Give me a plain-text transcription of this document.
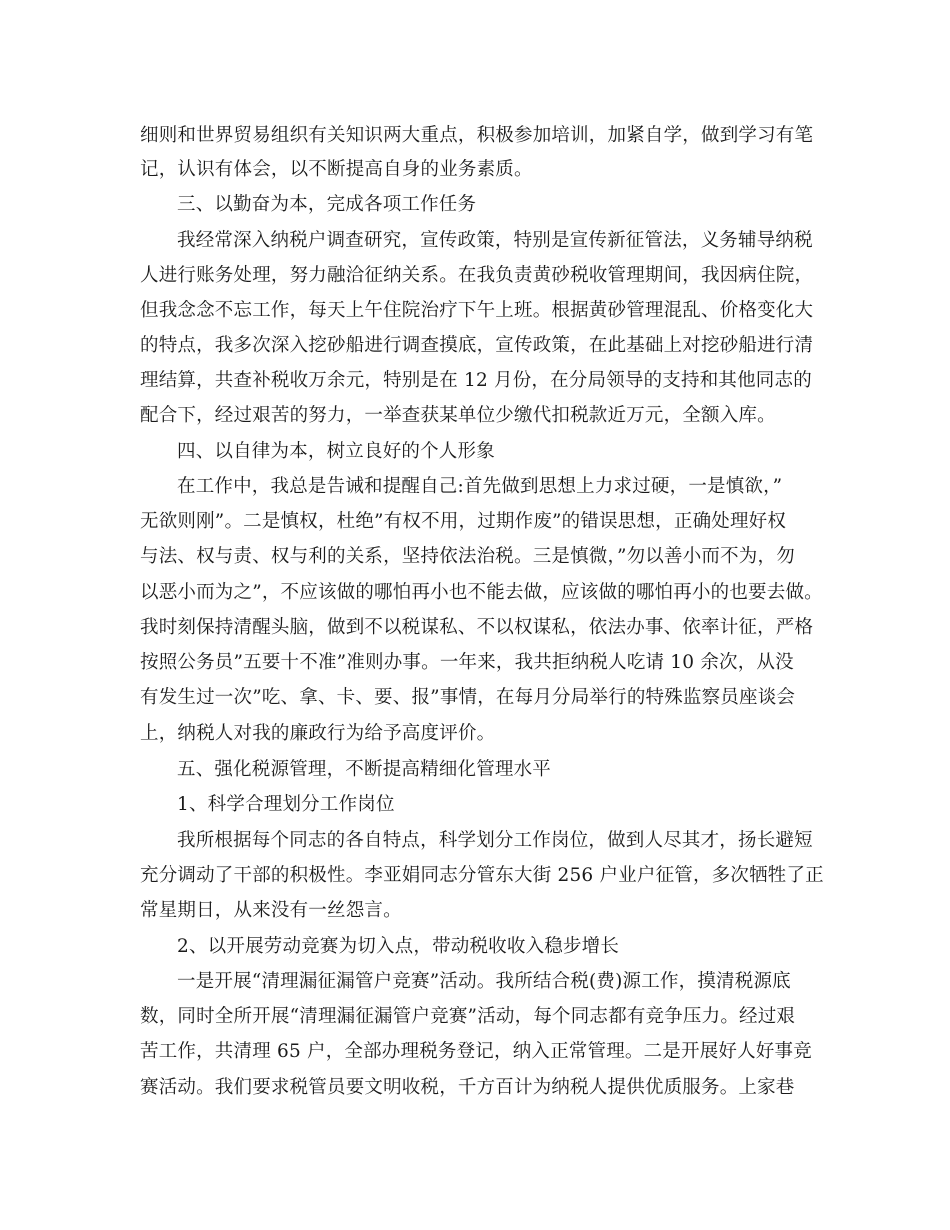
细则和世界贸易组织有关知识两大重点，积极参加培训，加紧自学，做到学习有笔
记，认识有体会，以不断提高自身的业务素质。
三、以勤奋为本，完成各项工作任务
我经常深入纳税户调查研究，宣传政策，特别是宣传新征管法，义务辅导纳税
人进行账务处理，努力融洽征纳关系。在我负责黄砂税收管理期间，我因病住院，
但我念念不忘工作，每天上午住院治疗下午上班。根据黄砂管理混乱、价格变化大
的特点，我多次深入挖砂船进行调查摸底，宣传政策，在此基础上对挖砂船进行清
理结算，共查补税收万余元，特别是在 12 月份，在分局领导的支持和其他同志的
配合下，经过艰苦的努力，一举查获某单位少缴代扣税款近万元，全额入库。
四、以自律为本，树立良好的个人形象
在工作中，我总是告诫和提醒自己:首先做到思想上力求过硬，一是慎欲，”
无欲则刚”。二是慎权，杜绝”有权不用，过期作废”的错误思想，正确处理好权
与法、权与责、权与利的关系，坚持依法治税。三是慎微，”勿以善小而不为，勿
以恶小而为之”，不应该做的哪怕再小也不能去做，应该做的哪怕再小的也要去做。
我时刻保持清醒头脑，做到不以税谋私、不以权谋私，依法办事、依率计征，严格
按照公务员”五要十不准”准则办事。一年来，我共拒纳税人吃请 10 余次，从没
有发生过一次”吃、拿、卡、要、报”事情，在每月分局举行的特殊监察员座谈会
上，纳税人对我的廉政行为给予高度评价。
五、强化税源管理，不断提高精细化管理水平
1、科学合理划分工作岗位
我所根据每个同志的各自特点，科学划分工作岗位，做到人尽其才，扬长避短
充分调动了干部的积极性。李亚娟同志分管东大街 256 户业户征管，多次牺牲了正
常星期日，从来没有一丝怨言。
2、以开展劳动竞赛为切入点，带动税收收入稳步增长
一是开展“清理漏征漏管户竞赛”活动。我所结合税(费)源工作，摸清税源底
数，同时全所开展“清理漏征漏管户竞赛”活动，每个同志都有竞争压力。经过艰
苦工作，共清理 65 户，全部办理税务登记，纳入正常管理。二是开展好人好事竞
赛活动。我们要求税管员要文明收税，千方百计为纳税人提供优质服务。上家巷
